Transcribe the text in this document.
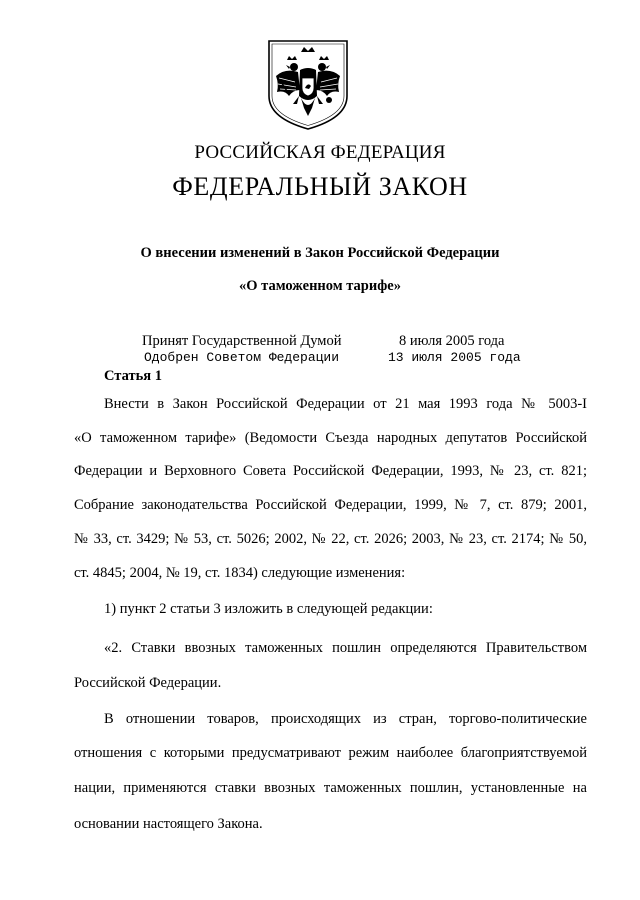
РОССИЙСКАЯ ФЕДЕРАЦИЯ
ФЕДЕРАЛЬНЫЙ ЗАКОН
О внесении изменений в Закон Российской Федерации
«О таможенном тарифе»
Принят Государственной Думой	8 июля 2005 года
Одобрен Советом Федерации	13 июля 2005 года
Статья 1
Внести в Закон Российской Федерации от 21 мая 1993 года № 5003-I
«О таможенном тарифе» (Ведомости Съезда народных депутатов Российской
Федерации и Верховного Совета Российской Федерации, 1993, № 23, ст. 821;
Собрание законодательства Российской Федерации, 1999, № 7, ст. 879; 2001,
№ 33, ст. 3429; № 53, ст. 5026; 2002, № 22, ст. 2026; 2003, № 23, ст. 2174; № 50,
ст. 4845; 2004, № 19, ст. 1834) следующие изменения:
1) пункт 2 статьи 3 изложить в следующей редакции:
«2. Ставки ввозных таможенных пошлин определяются Правительством
Российской Федерации.
В отношении товаров, происходящих из стран, торгово-политические
отношения с которыми предусматривают режим наиболее благоприятствуемой
нации, применяются ставки ввозных таможенных пошлин, установленные на
основании настоящего Закона.
